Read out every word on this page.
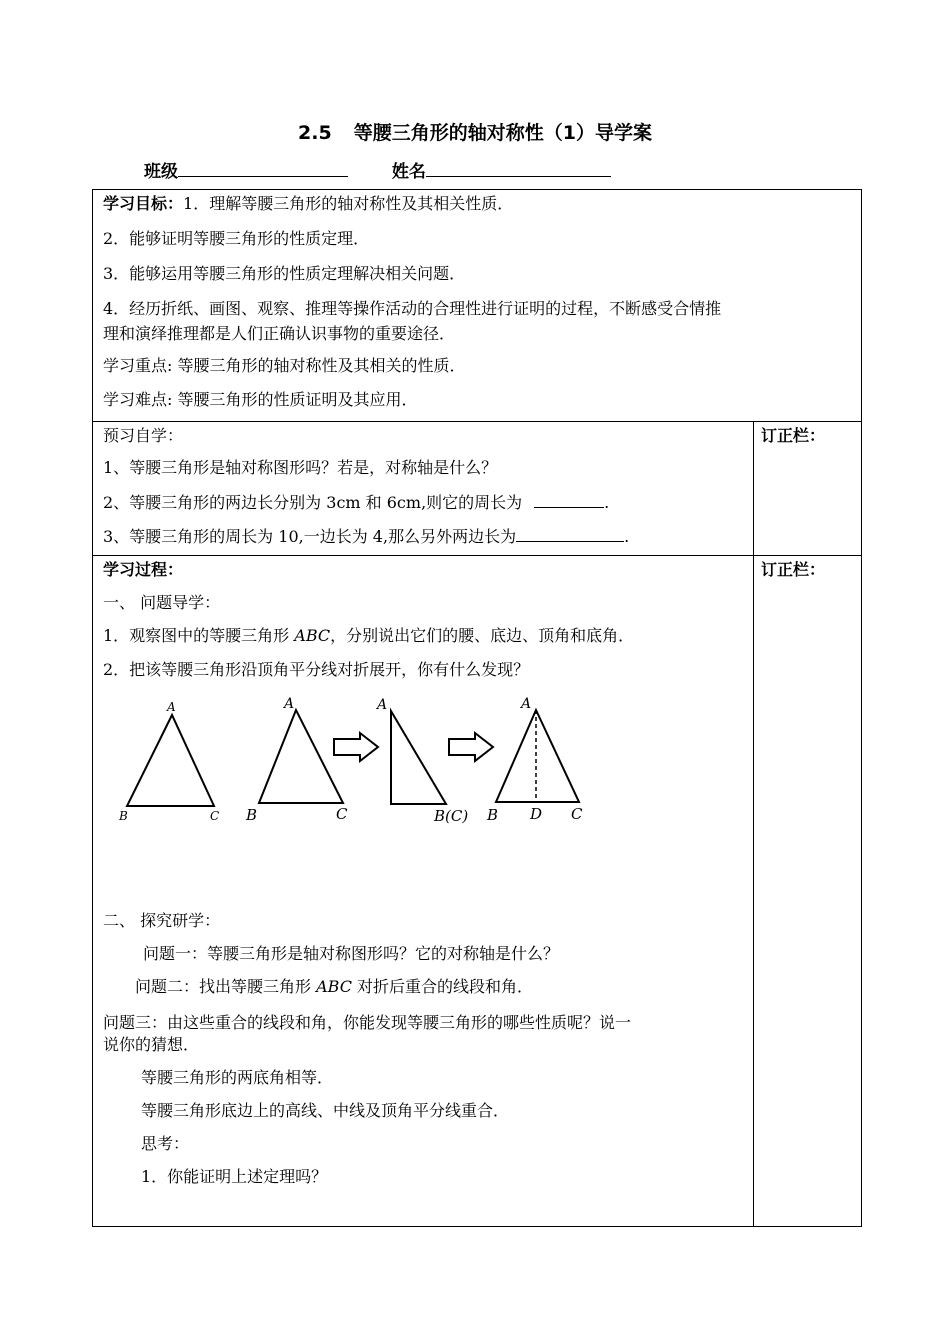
2.5 等腰三角形的轴对称性（1）导学案
班级	姓名
学习目标：1．理解等腰三角形的轴对称性及其相关性质．
2．能够证明等腰三角形的性质定理．
3．能够运用等腰三角形的性质定理解决相关问题．
4．经历折纸、画图、观察、推理等操作活动的合理性进行证明的过程，不断感受合情推
理和演绎推理都是人们正确认识事物的重要途径．
学习重点: 等腰三角形的轴对称性及其相关的性质．
学习难点: 等腰三角形的性质证明及其应用．
预习自学：
1、等腰三角形是轴对称图形吗？若是，对称轴是什么？
2、等腰三角形的两边长分别为 3cm 和 6cm,则它的周长为	.
3、等腰三角形的周长为 10,一边长为 4,那么另外两边长为	.
订正栏：
学习过程：
一、 问题导学：
1．观察图中的等腰三角形 ABC，分别说出它们的腰、底边、顶角和底角．
2．把该等腰三角形沿顶角平分线对折展开，你有什么发现？
二、 探究研学：
问题一：等腰三角形是轴对称图形吗？它的对称轴是什么？
问题二：找出等腰三角形 ABC 对折后重合的线段和角．
问题三：由这些重合的线段和角，你能发现等腰三角形的哪些性质呢？说一
说你的猜想．
等腰三角形的两底角相等．
等腰三角形底边上的高线、中线及顶角平分线重合．
思考：
1．你能证明上述定理吗？
订正栏：
A
B	C
A
B	C
A
B(C)
A
B D C
